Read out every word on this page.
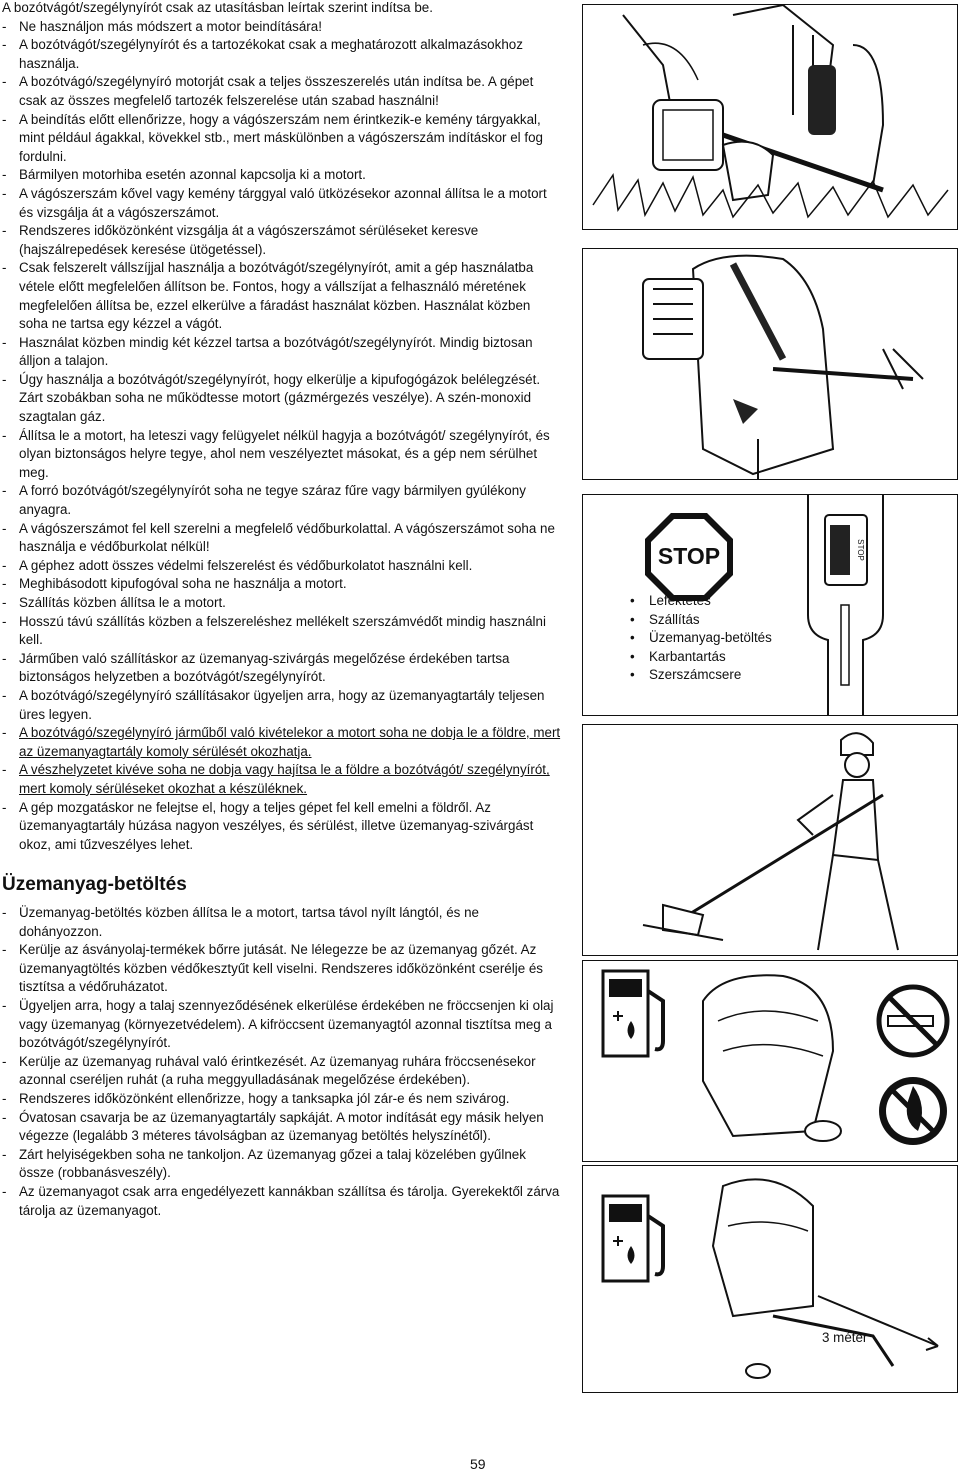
A bozótvágót/szegélynyírót csak az utasításban leírtak szerint indítsa be.
- Ne használjon más módszert a motor beindítására!
- A bozótvágót/szegélynyírót és a tartozékokat csak a meghatározott alkalmazásokhoz használja.
- A bozótvágó/szegélynyíró motorját csak a teljes összeszerelés után indítsa be. A gépet csak az összes megfelelő tartozék felszerelése után szabad használni!
- A beindítás előtt ellenőrizze, hogy a vágószerszám nem érintkezik-e kemény tárgyakkal, mint például ágakkal, kövekkel stb., mert máskülönben a vágószerszám indításkor el fog fordulni.
- Bármilyen motorhiba esetén azonnal kapcsolja ki a motort.
- A vágószerszám kővel vagy kemény tárggyal való ütközésekor azonnal állítsa le a motort és vizsgálja át a vágószerszámot.
- Rendszeres időközönként vizsgálja át a vágószerszámot sérüléseket keresve (hajszálrepedések keresése ütögetéssel).
- Csak felszerelt vállszíjjal használja a bozótvágót/szegélynyírót, amit a gép használatba vétele előtt megfelelően állítson be. Fontos, hogy a vállszíjat a felhasználó méretének megfelelően állítsa be, ezzel elkerülve a fáradást használat közben. Használat közben soha ne tartsa egy kézzel a vágót.
- Használat közben mindig két kézzel tartsa a bozótvágót/szegélynyírót. Mindig biztosan álljon a talajon.
- Úgy használja a bozótvágót/szegélynyírót, hogy elkerülje a kipufogógázok belélegzését. Zárt szobákban soha ne működtesse motort (gázmérgezés veszélye). A szén-monoxid szagtalan gáz.
- Állítsa le a motort, ha leteszi vagy felügyelet nélkül hagyja a bozótvágót/ szegélynyírót, és olyan biztonságos helyre tegye, ahol nem veszélyeztet másokat, és a gép nem sérülhet meg.
- A forró bozótvágót/szegélynyírót soha ne tegye száraz fűre vagy bármilyen gyúlékony anyagra.
- A vágószerszámot fel kell szerelni a megfelelő védőburkolattal. A vágószerszámot soha ne használja e védőburkolat nélkül!
- A géphez adott összes védelmi felszerelést és védőburkolatot használni kell.
- Meghibásodott kipufogóval soha ne használja a motort.
- Szállítás közben állítsa le a motort.
- Hosszú távú szállítás közben a felszereléshez mellékelt szerszámvédőt mindig használni kell.
- Járműben való szállításkor az üzemanyag-szivárgás megelőzése érdekében tartsa biztonságos helyzetben a bozótvágót/szegélynyírót.
- A bozótvágó/szegélynyíró szállításakor ügyeljen arra, hogy az üzemanyagtartály teljesen üres legyen.
- A bozótvágó/szegélynyíró járműből való kivételekor a motort soha ne dobja le a földre, mert az üzemanyagtartály komoly sérülését okozhatja.
- A vészhelyzetet kivéve soha ne dobja vagy hajítsa le a földre a bozótvágót/ szegélynyírót, mert komoly sérüléseket okozhat a készüléknek.
- A gép mozgatáskor ne felejtse el, hogy a teljes gépet fel kell emelni a földről. Az üzemanyagtartály húzása nagyon veszélyes, és sérülést, illetve üzemanyag-szivárgást okoz, ami tűzveszélyes lehet.
Üzemanyag-betöltés
- Üzemanyag-betöltés közben állítsa le a motort, tartsa távol nyílt lángtól, és ne dohányozzon.
- Kerülje az ásványolaj-termékek bőrre jutását. Ne lélegezze be az üzemanyag gőzét. Az üzemanyagtöltés közben védőkesztyűt kell viselni. Rendszeres időközönként cserélje és tisztítsa a védőruházatot.
- Ügyeljen arra, hogy a talaj szennyeződésének elkerülése érdekében ne fröccsenjen ki olaj vagy üzemanyag (környezetvédelem). A kifröccsent üzemanyagtól azonnal tisztítsa meg a bozótvágót/szegélynyírót.
- Kerülje az üzemanyag ruhával való érintkezését. Az üzemanyag ruhára fröccsenésekor azonnal cseréljen ruhát (a ruha meggyulladásának megelőzése érdekében).
- Rendszeres időközönként ellenőrizze, hogy a tanksapka jól zár-e és nem szivárog.
- Óvatosan csavarja be az üzemanyagtartály sapkáját. A motor indítását egy másik helyen végezze (legalább 3 méteres távolságban az üzemanyag betöltés helyszínétől).
- Zárt helyiségekben soha ne tankoljon. Az üzemanyag gőzei a talaj közelében gyűlnek össze (robbanásveszély).
- Az üzemanyagot csak arra engedélyezett kannákban szállítsa és tárolja. Gyerekektől zárva tárolja az üzemanyagot.
STOP	STOP
• Lefektetés
• Szállítás
• Üzemanyag-betöltés
• Karbantartás
• Szerszámcsere
3 méter
59
